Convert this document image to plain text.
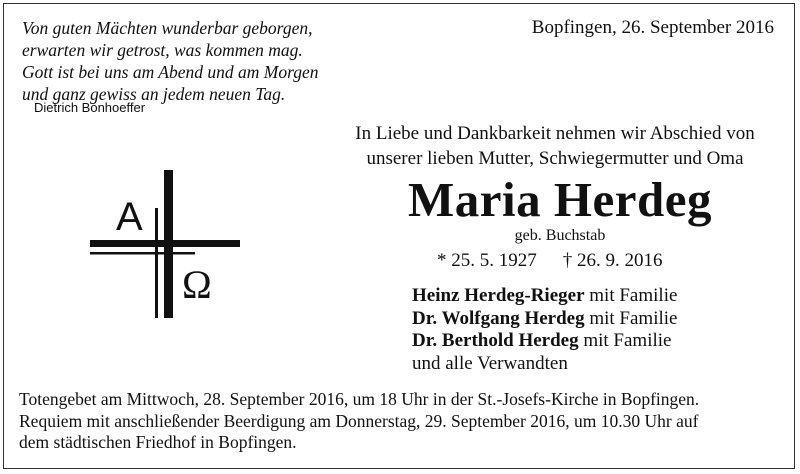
Von guten Mächten wunderbar geborgen,
erwarten wir getrost, was kommen mag.
Gott ist bei uns am Abend und am Morgen
und ganz gewiss an jedem neuen Tag.
Dietrich Bonhoeffer
Bopfingen, 26. September 2016
A
Ω
In Liebe und Dankbarkeit nehmen wir Abschied von
unserer lieben Mutter, Schwiegermutter und Oma
Maria Herdeg
geb. Buchstab
* 25. 5. 1927 † 26. 9. 2016
Heinz Herdeg-Rieger mit Familie
Dr. Wolfgang Herdeg mit Familie
Dr. Berthold Herdeg mit Familie
und alle Verwandten
Totengebet am Mittwoch, 28. September 2016, um 18 Uhr in der St.-Josefs-Kirche in Bopfingen.
Requiem mit anschließender Beerdigung am Donnerstag, 29. September 2016, um 10.30 Uhr auf
dem städtischen Friedhof in Bopfingen.
